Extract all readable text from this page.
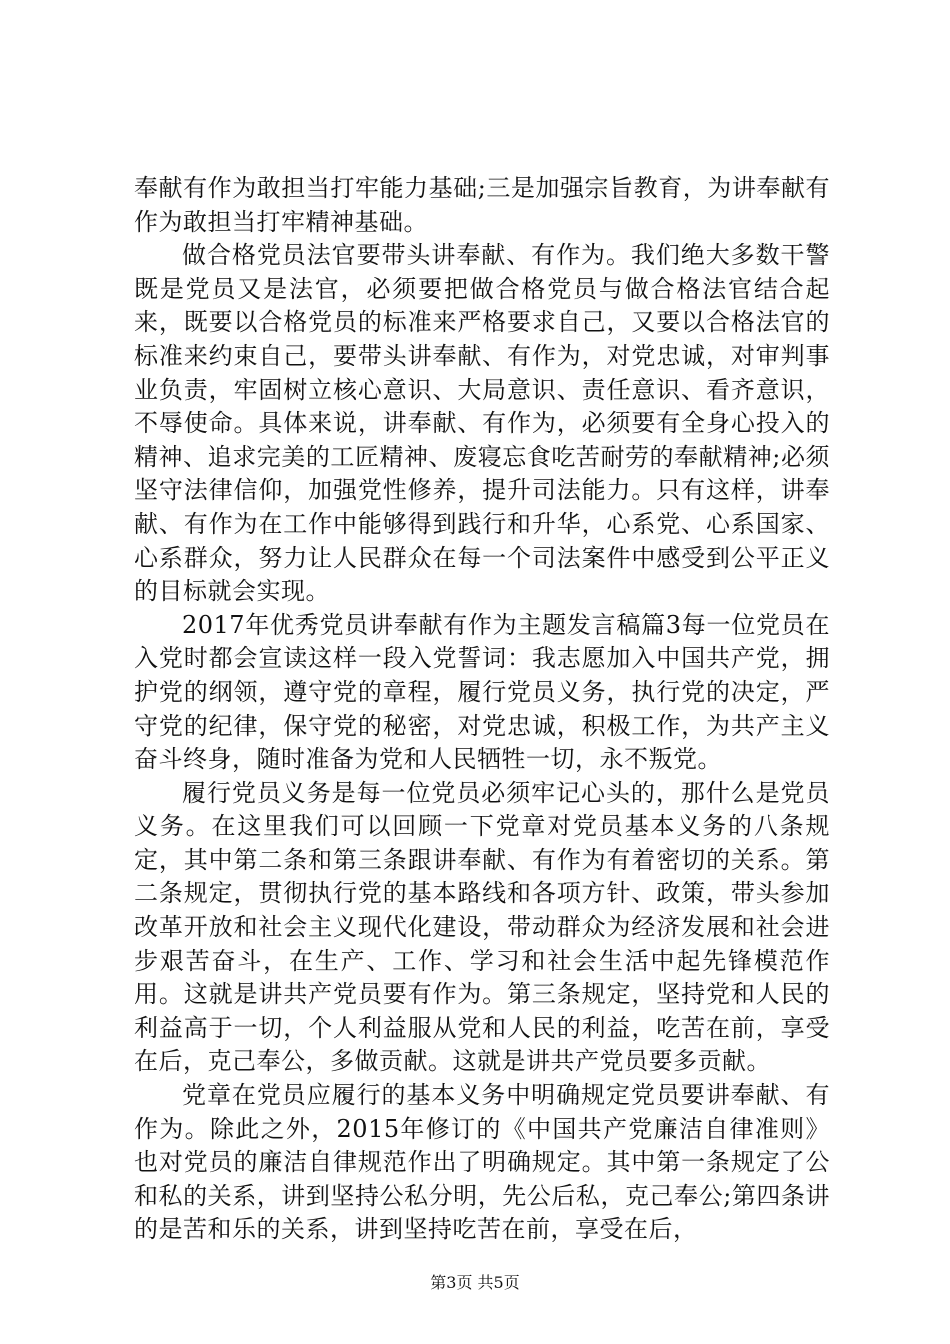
奉献有作为敢担当打牢能力基础;三是加强宗旨教育，为讲奉献有作为敢担当打牢精神基础。

做合格党员法官要带头讲奉献、有作为。我们绝大多数干警既是党员又是法官，必须要把做合格党员与做合格法官结合起来，既要以合格党员的标准来严格要求自己，又要以合格法官的标准来约束自己，要带头讲奉献、有作为，对党忠诚，对审判事业负责，牢固树立核心意识、大局意识、责任意识、看齐意识，不辱使命。具体来说，讲奉献、有作为，必须要有全身心投入的精神、追求完美的工匠精神、废寝忘食吃苦耐劳的奉献精神;必须坚守法律信仰，加强党性修养，提升司法能力。只有这样，讲奉献、有作为在工作中能够得到践行和升华，心系党、心系国家、心系群众，努力让人民群众在每一个司法案件中感受到公平正义的目标就会实现。

2017年优秀党员讲奉献有作为主题发言稿篇3每一位党员在入党时都会宣读这样一段入党誓词：我志愿加入中国共产党，拥护党的纲领，遵守党的章程，履行党员义务，执行党的决定，严守党的纪律，保守党的秘密，对党忠诚，积极工作，为共产主义奋斗终身，随时准备为党和人民牺牲一切，永不叛党。

履行党员义务是每一位党员必须牢记心头的，那什么是党员义务。在这里我们可以回顾一下党章对党员基本义务的八条规定，其中第二条和第三条跟讲奉献、有作为有着密切的关系。第二条规定，贯彻执行党的基本路线和各项方针、政策，带头参加改革开放和社会主义现代化建设，带动群众为经济发展和社会进步艰苦奋斗，在生产、工作、学习和社会生活中起先锋模范作用。这就是讲共产党员要有作为。第三条规定，坚持党和人民的利益高于一切，个人利益服从党和人民的利益，吃苦在前，享受在后，克己奉公，多做贡献。这就是讲共产党员要多贡献。

党章在党员应履行的基本义务中明确规定党员要讲奉献、有作为。除此之外，2015年修订的《中国共产党廉洁自律准则》也对党员的廉洁自律规范作出了明确规定。其中第一条规定了公和私的关系，讲到坚持公私分明，先公后私，克己奉公;第四条讲的是苦和乐的关系，讲到坚持吃苦在前，享受在后，

第3页 共5页
